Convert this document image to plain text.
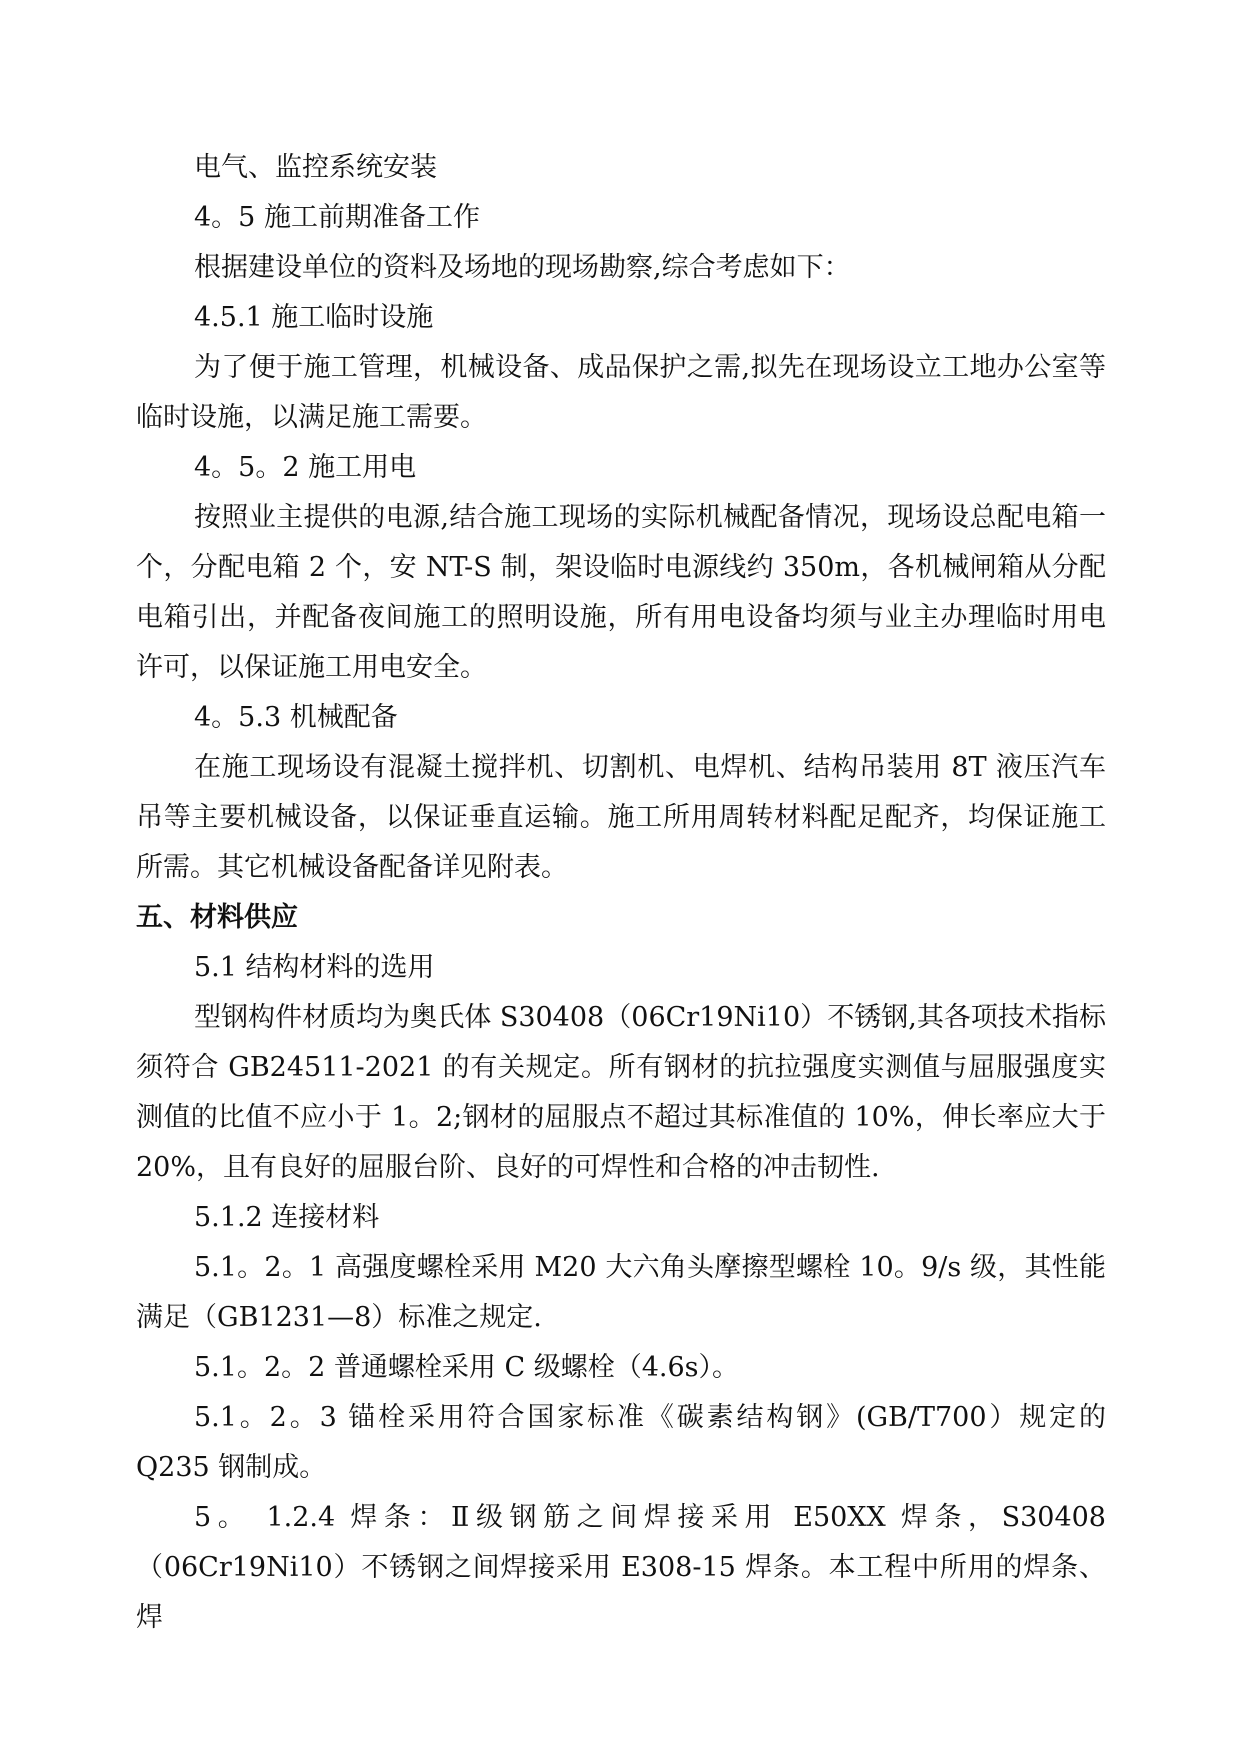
电气、监控系统安装

4。5 施工前期准备工作

根据建设单位的资料及场地的现场勘察,综合考虑如下：

4.5.1 施工临时设施

为了便于施工管理，机械设备、成品保护之需,拟先在现场设立工地办公室等临时设施，以满足施工需要。

4。5。2 施工用电

按照业主提供的电源,结合施工现场的实际机械配备情况，现场设总配电箱一个，分配电箱 2 个，安 NT-S 制，架设临时电源线约 350m，各机械闸箱从分配电箱引出，并配备夜间施工的照明设施，所有用电设备均须与业主办理临时用电许可，以保证施工用电安全。

4。5.3 机械配备

在施工现场设有混凝土搅拌机、切割机、电焊机、结构吊装用 8T 液压汽车吊等主要机械设备，以保证垂直运输。施工所用周转材料配足配齐，均保证施工所需。其它机械设备配备详见附表。

五、材料供应

5.1 结构材料的选用

型钢构件材质均为奥氏体 S30408（06Cr19Ni10）不锈钢,其各项技术指标须符合 GB24511-2021 的有关规定。所有钢材的抗拉强度实测值与屈服强度实测值的比值不应小于 1。2;钢材的屈服点不超过其标准值的 10%，伸长率应大于 20%，且有良好的屈服台阶、良好的可焊性和合格的冲击韧性.

5.1.2 连接材料

5.1。2。1 高强度螺栓采用 M20 大六角头摩擦型螺栓 10。9/s 级，其性能满足（GB1231—8）标准之规定.

5.1。2。2 普通螺栓采用 C 级螺栓（4.6s）。

5.1。2。3 锚栓采用符合国家标准《碳素结构钢》(GB/T700）规定的 Q235 钢制成。

5。 1.2.4 焊条：Ⅱ级钢筋之间焊接采用 E50XX 焊条，S30408（06Cr19Ni10）不锈钢之间焊接采用 E308-15 焊条。本工程中所用的焊条、焊
